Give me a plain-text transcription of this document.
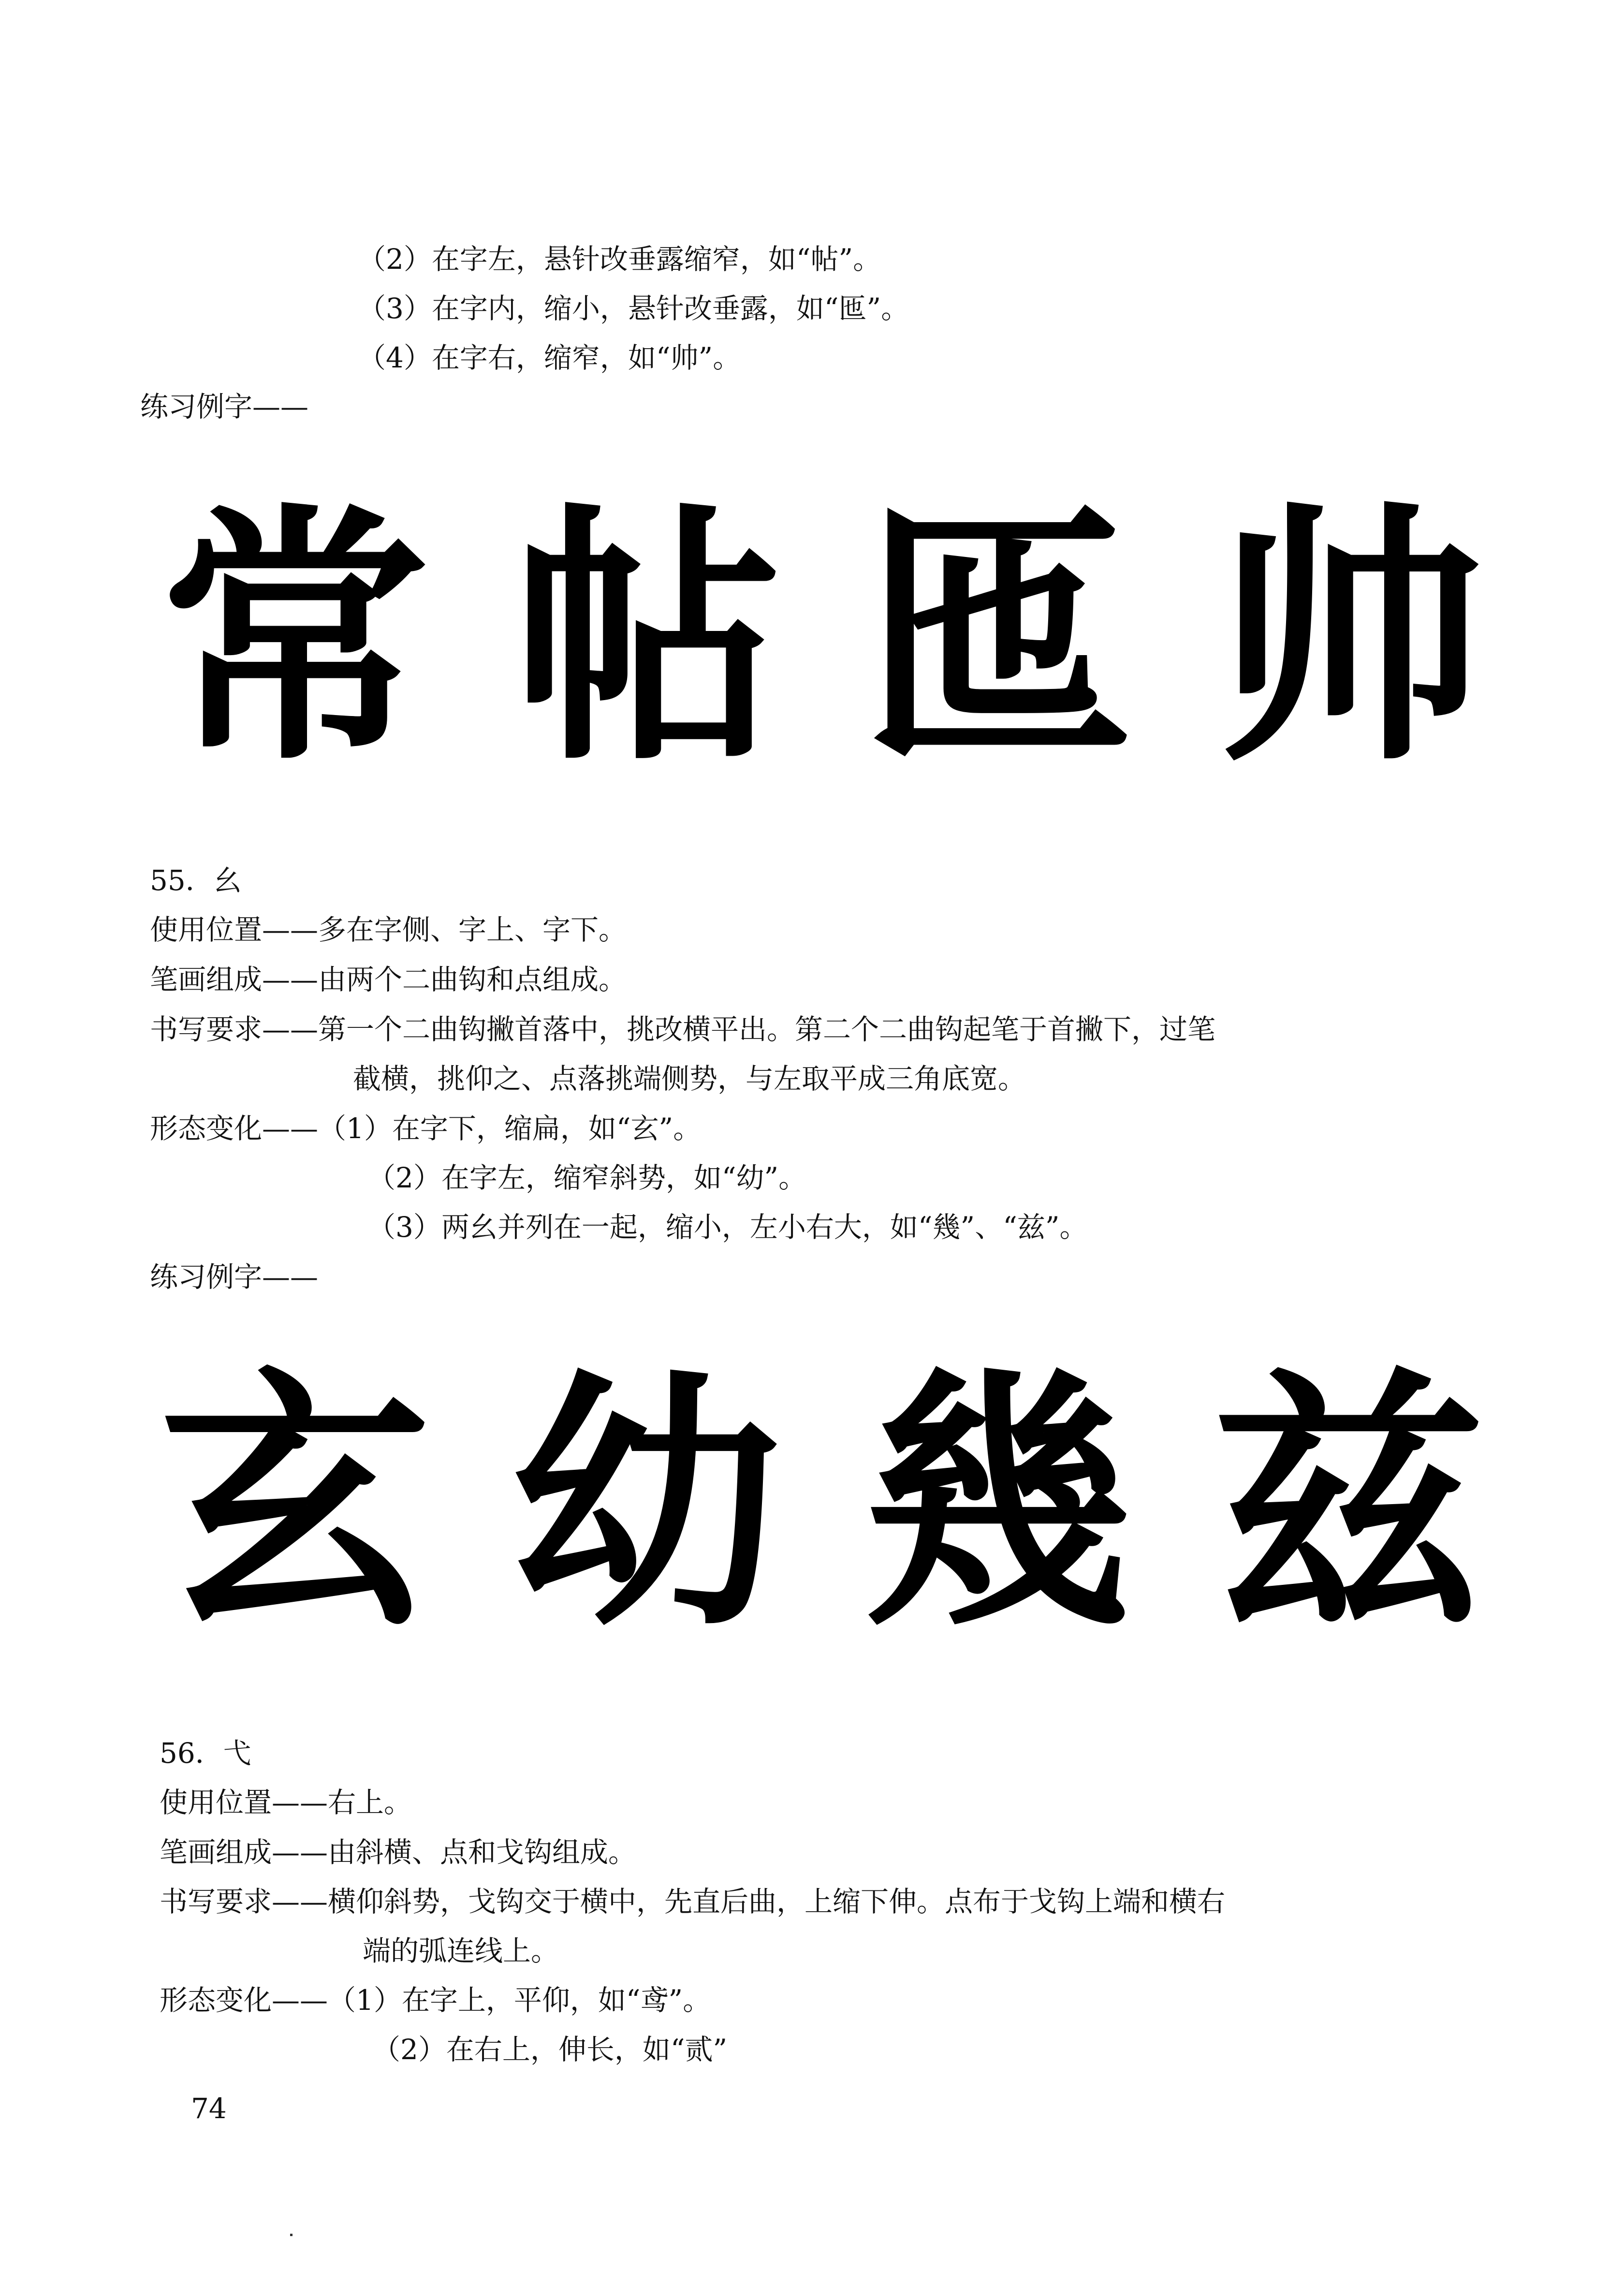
（2）在字左，悬针改垂露缩窄，如“帖”。
（3）在字内，缩小，悬针改垂露，如“匜”。
（4）在字右，缩窄，如“帅”。
练习例字——
常 帖 匜 帅
55．幺
使用位置——多在字侧、字上、字下。
笔画组成——由两个二曲钩和点组成。
书写要求——第一个二曲钩撇首落中，挑改横平出。第二个二曲钩起笔于首撇下，过笔
截横，挑仰之、点落挑端侧势，与左取平成三角底宽。
形态变化——（1）在字下，缩扁，如“玄”。
（2）在字左，缩窄斜势，如“幼”。
（3）两幺并列在一起，缩小，左小右大，如“幾”、“兹”。
练习例字——
玄 幼 幾 兹
56．弋
使用位置——右上。
笔画组成——由斜横、点和戈钩组成。
书写要求——横仰斜势，戈钩交于横中，先直后曲，上缩下伸。点布于戈钩上端和横右
端的弧连线上。
形态变化——（1）在字上，平仰，如“鸢”。
（2）在右上，伸长，如“贰”
74
